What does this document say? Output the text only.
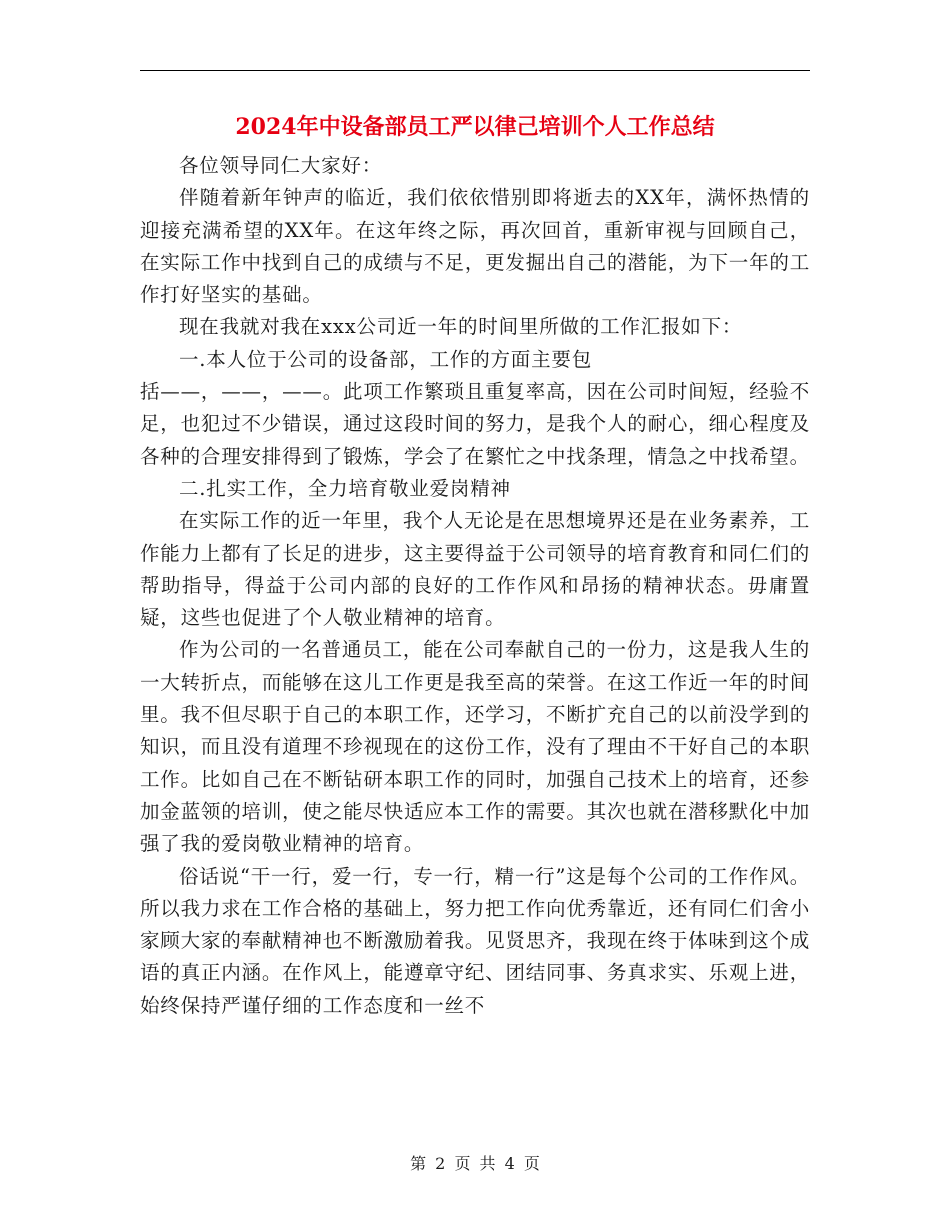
2024年中设备部员工严以律己培训个人工作总结

各位领导同仁大家好：

伴随着新年钟声的临近，我们依依惜别即将逝去的XX年，满怀热情的迎接充满希望的XX年。在这年终之际，再次回首，重新审视与回顾自己，在实际工作中找到自己的成绩与不足，更发掘出自己的潜能，为下一年的工作打好坚实的基础。

现在我就对我在xxx公司近一年的时间里所做的工作汇报如下：

一.本人位于公司的设备部，工作的方面主要包

括——，——，——。此项工作繁琐且重复率高，因在公司时间短，经验不足，也犯过不少错误，通过这段时间的努力，是我个人的耐心，细心程度及各种的合理安排得到了锻炼，学会了在繁忙之中找条理，情急之中找希望。

二.扎实工作，全力培育敬业爱岗精神

在实际工作的近一年里，我个人无论是在思想境界还是在业务素养，工作能力上都有了长足的进步，这主要得益于公司领导的培育教育和同仁们的帮助指导，得益于公司内部的良好的工作作风和昂扬的精神状态。毋庸置疑，这些也促进了个人敬业精神的培育。

作为公司的一名普通员工，能在公司奉献自己的一份力，这是我人生的一大转折点，而能够在这儿工作更是我至高的荣誉。在这工作近一年的时间里。我不但尽职于自己的本职工作，还学习，不断扩充自己的以前没学到的知识，而且没有道理不珍视现在的这份工作，没有了理由不干好自己的本职工作。比如自己在不断钻研本职工作的同时，加强自己技术上的培育，还参加金蓝领的培训，使之能尽快适应本工作的需要。其次也就在潜移默化中加强了我的爱岗敬业精神的培育。

俗话说“干一行，爱一行，专一行，精一行”这是每个公司的工作作风。所以我力求在工作合格的基础上，努力把工作向优秀靠近，还有同仁们舍小家顾大家的奉献精神也不断激励着我。见贤思齐，我现在终于体味到这个成语的真正内涵。在作风上，能遵章守纪、团结同事、务真求实、乐观上进，始终保持严谨仔细的工作态度和一丝不

第 2 页 共 4 页
